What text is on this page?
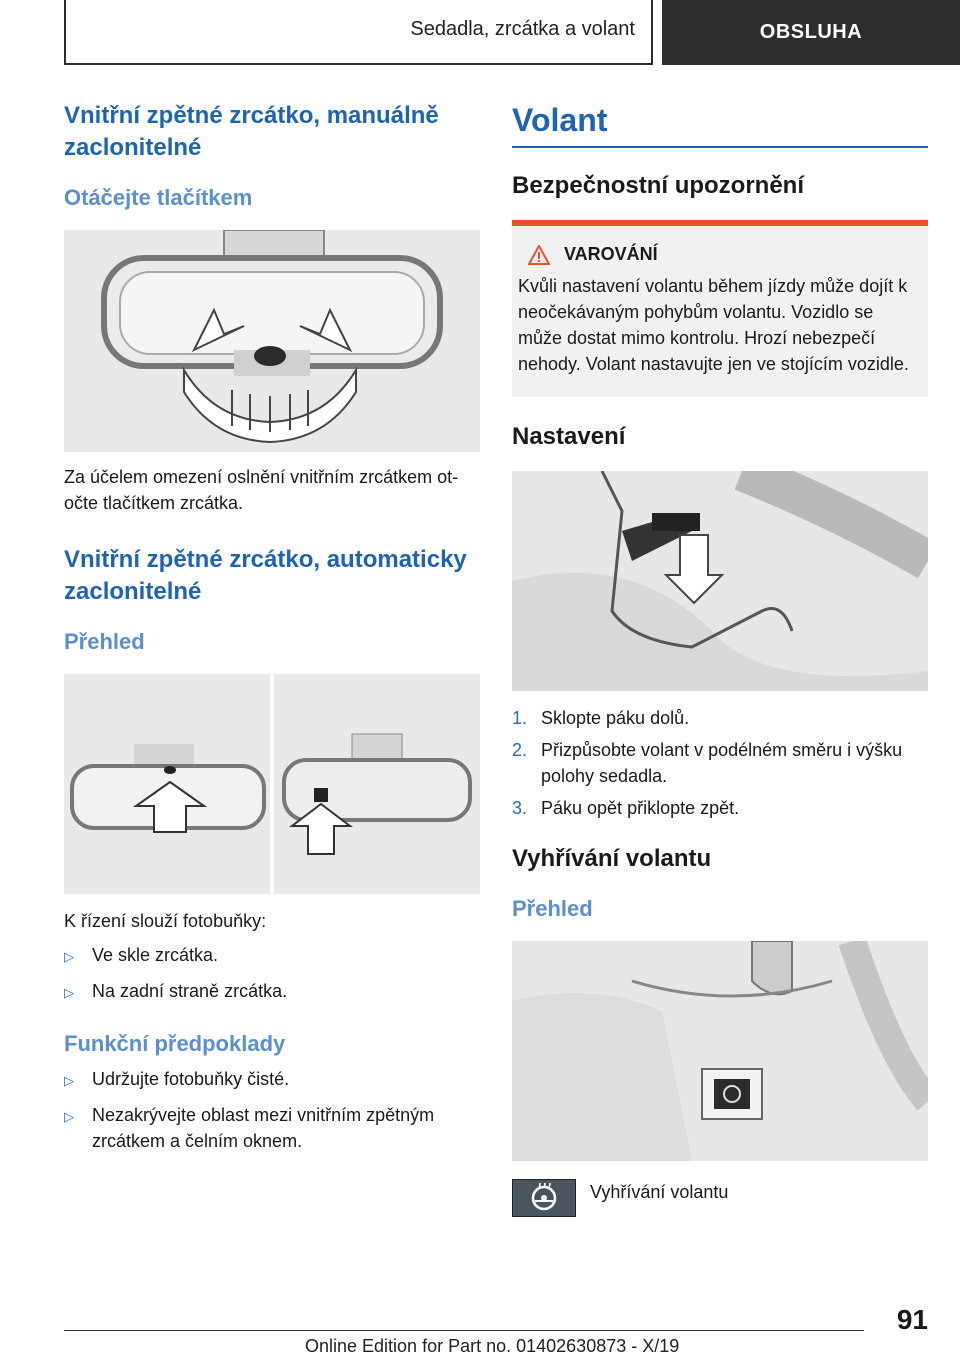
Sedadla, zrcátka a volant	OBSLUHA
Vnitřní zpětné zrcátko, manuálně zaclonitelné
Otáčejte tlačítkem

Za účelem omezení oslnění vnitřním zrcátkem otočte tlačítkem zrcátka.

Vnitřní zpětné zrcátko, automaticky zaclonitelné
Přehled

K řízení slouží fotobuňky:

▷	Ve skle zrcátka.
▷	Na zadní straně zrcátka.
Funkční předpoklady
▷	Udržujte fotobuňky čisté.
▷	Nezakrývejte oblast mezi vnitřním zpětným zrcátkem a čelním oknem.
Volant
Bezpečnostní upozornění
VAROVÁNÍ
Kvůli nastavení volantu během jízdy může dojít k neočekávaným pohybům volantu. Vozidlo se může dostat mimo kontrolu. Hrozí nebezpečí nehody. Volant nastavujte jen ve stojícím vozidle.
Nastavení
1. Sklopte páku dolů.
2. Přizpůsobte volant v podélném směru i výšku polohy sedadla.
3. Páku opět přiklopte zpět.
Vyhřívání volantu
Přehled
Vyhřívání volantu
91
Online Edition for Part no. 01402630873 - X/19
